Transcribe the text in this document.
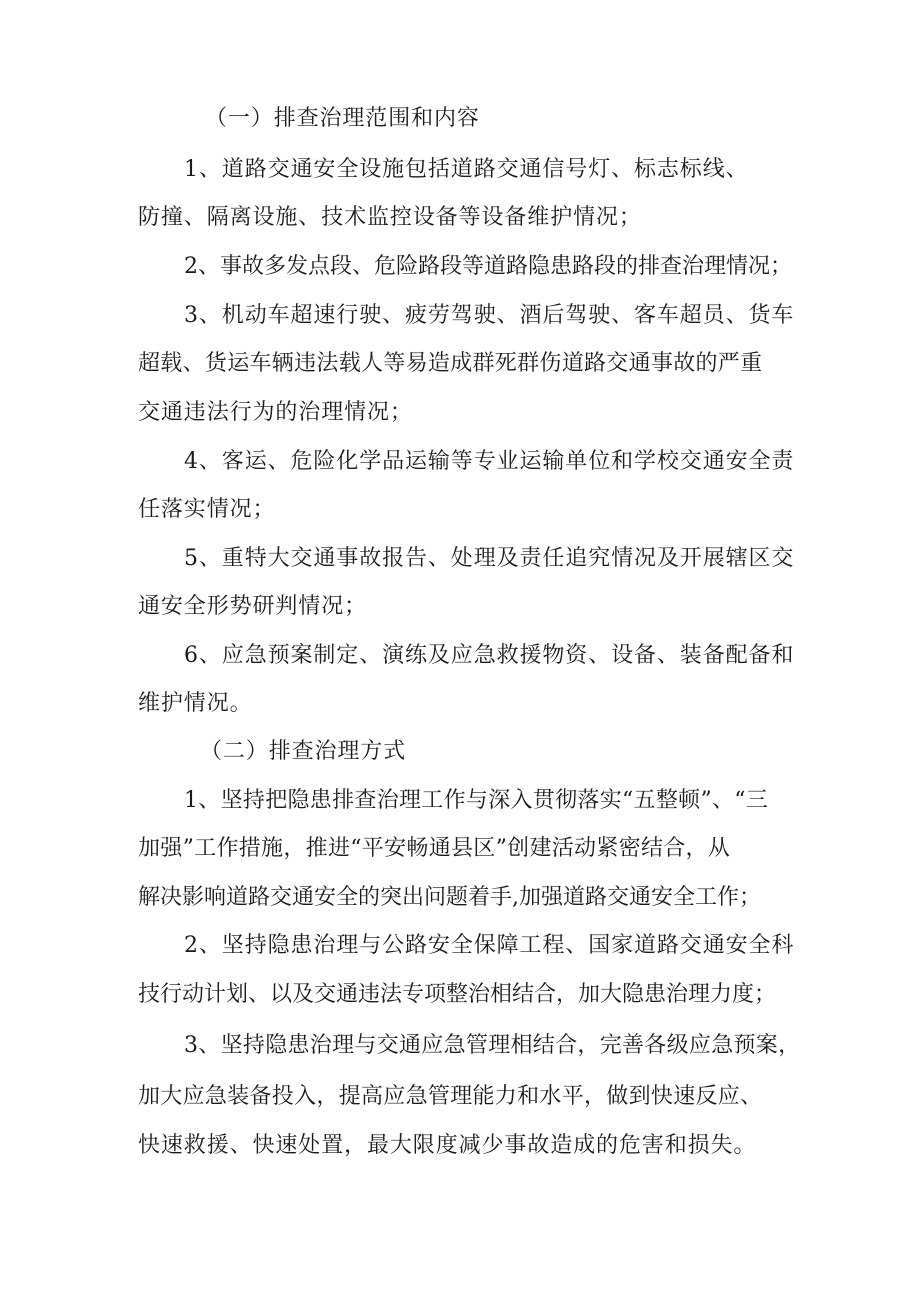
（一）排查治理范围和内容
1、道路交通安全设施包括道路交通信号灯、标志标线、
防撞、隔离设施、技术监控设备等设备维护情况；
2、事故多发点段、危险路段等道路隐患路段的排查治理情况；
3、机动车超速行驶、疲劳驾驶、酒后驾驶、客车超员、货车
超载、货运车辆违法载人等易造成群死群伤道路交通事故的严重
交通违法行为的治理情况；
4、客运、危险化学品运输等专业运输单位和学校交通安全责
任落实情况；
5、重特大交通事故报告、处理及责任追究情况及开展辖区交
通安全形势研判情况；
6、应急预案制定、演练及应急救援物资、设备、装备配备和
维护情况。
（二）排查治理方式
1、坚持把隐患排查治理工作与深入贯彻落实“五整顿”、“三
加强”工作措施，推进“平安畅通县区”创建活动紧密结合，从
解决影响道路交通安全的突出问题着手,加强道路交通安全工作；
2、坚持隐患治理与公路安全保障工程、国家道路交通安全科
技行动计划、以及交通违法专项整治相结合，加大隐患治理力度；
3、坚持隐患治理与交通应急管理相结合，完善各级应急预案，
加大应急装备投入，提高应急管理能力和水平，做到快速反应、
快速救援、快速处置，最大限度减少事故造成的危害和损失。
